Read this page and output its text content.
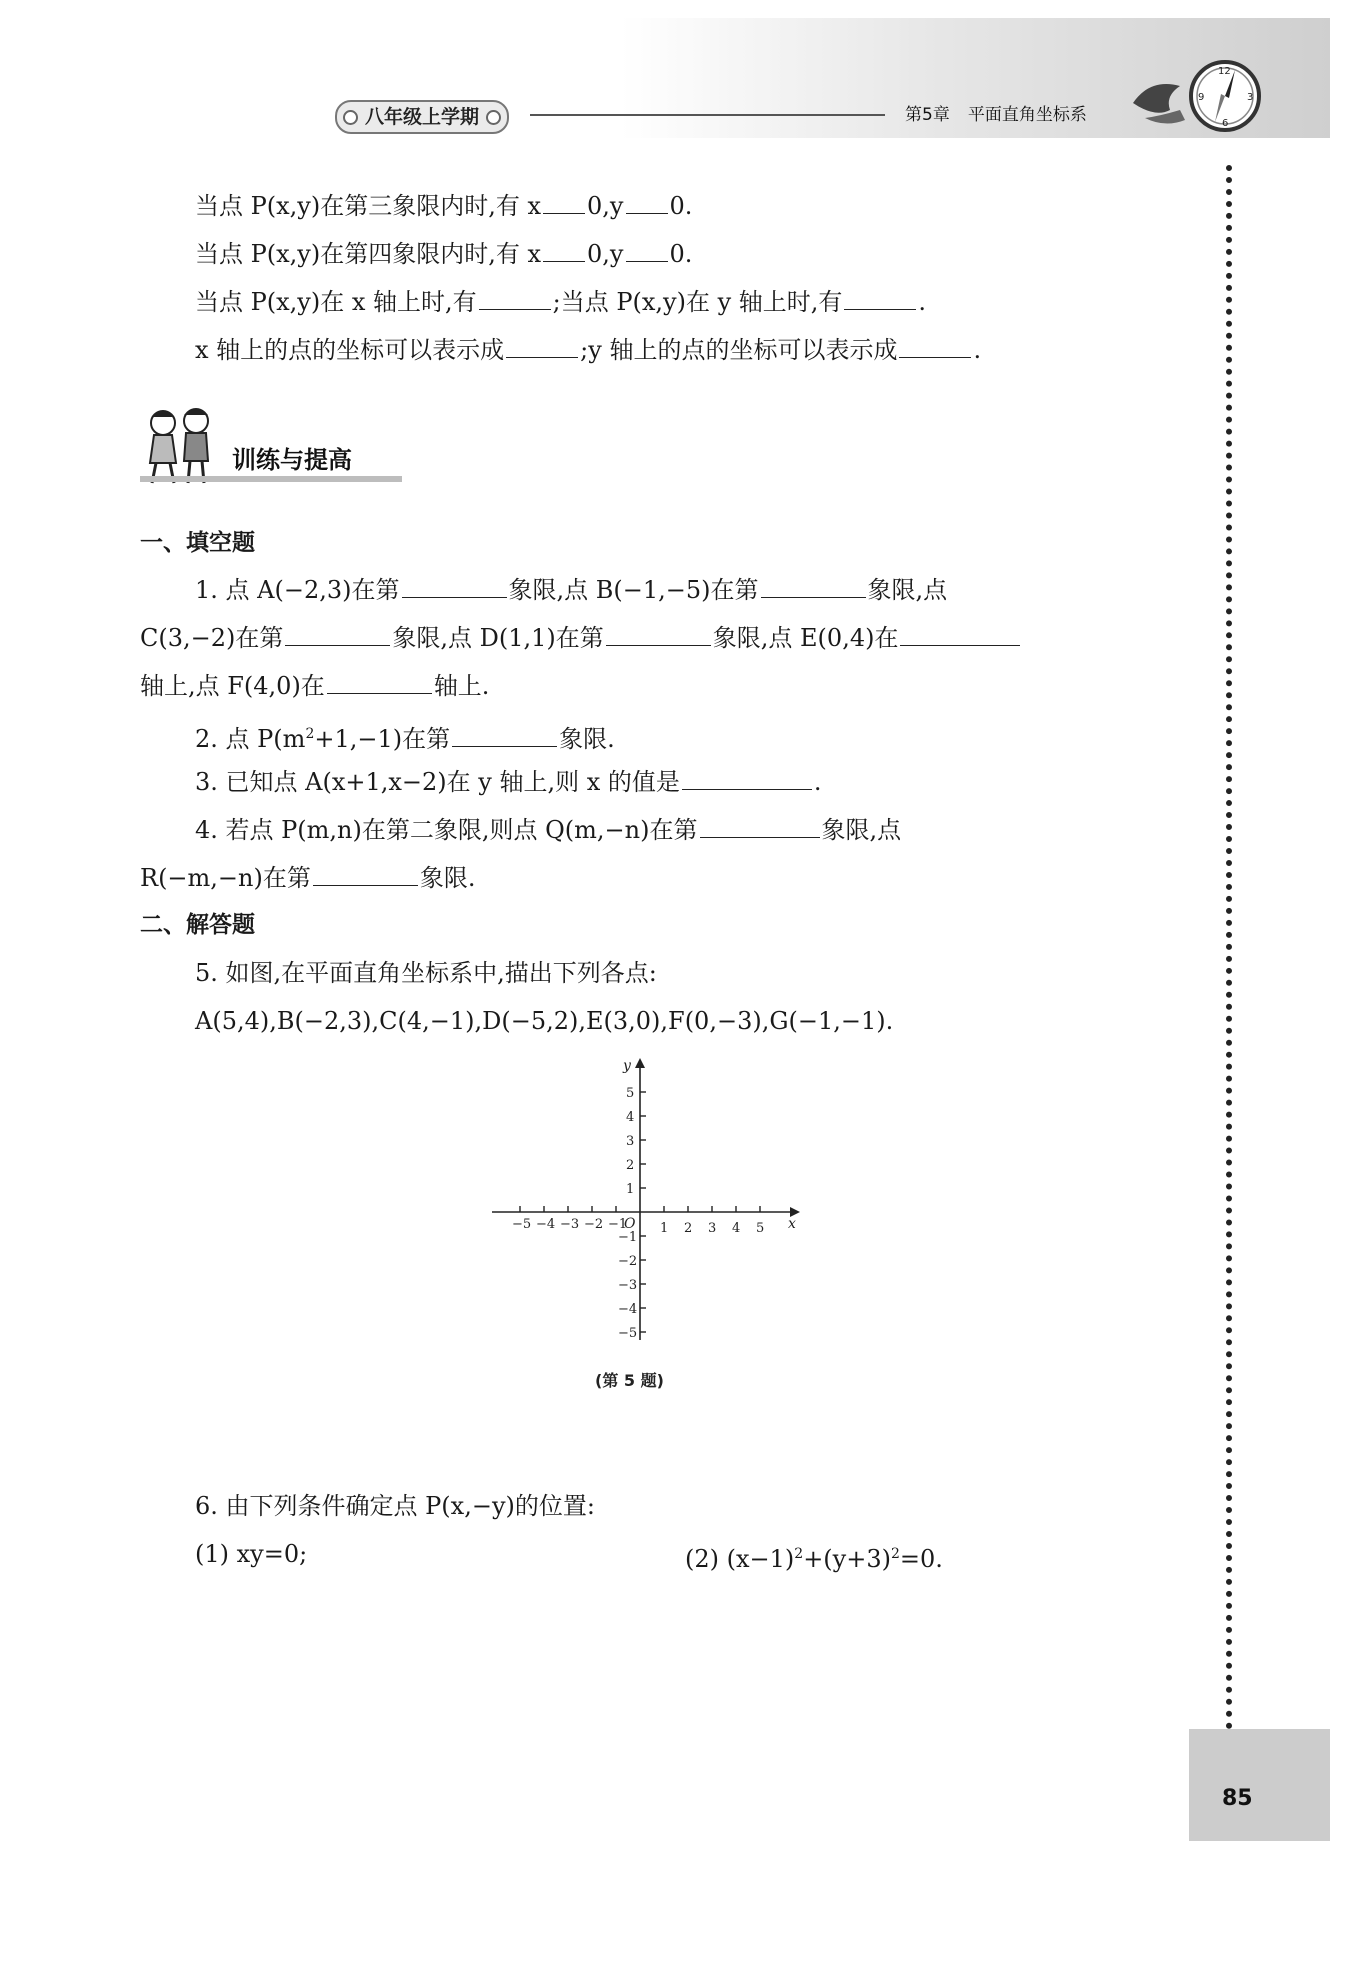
八年级上学期	第5章 平面直角坐标系
12
3
6
9
85
当点 P(x,y)在第三象限内时,有 x 0,y 0.
当点 P(x,y)在第四象限内时,有 x 0,y 0.
当点 P(x,y)在 x 轴上时,有	;当点 P(x,y)在 y 轴上时,有	.
x 轴上的点的坐标可以表示成	;y 轴上的点的坐标可以表示成	.
训练与提高
一、填空题
1. 点 A(−2,3)在第	象限,点 B(−1,−5)在第	象限,点
C(3,−2)在第	象限,点 D(1,1)在第	象限,点 E(0,4)在
轴上,点 F(4,0)在	轴上.
2. 点 $P(m^2+1,-1)$在第	象限.
3. 已知点 A(x+1,x−2)在 y 轴上,则 x 的值是	.
4. 若点 P(m,n)在第二象限,则点 Q(m,−n)在第	象限,点
R(−m,−n)在第	象限.
二、解答题
5. 如图,在平面直角坐标系中,描出下列各点:
A(5,4),B(−2,3),C(4,−1),D(−5,2),E(3,0),F(0,−3),G(−1,−1).
−5 −4 −3 −2 −1	1 2 3 4 5
1
2
3
4
5
−1
−2
−3
−4
−5
x
y
O
(第 5 题)
6. 由下列条件确定点 P(x,−y)的位置:
(1) xy=0;	(2) $(x-1)^2+(y+3)^2=0$.
